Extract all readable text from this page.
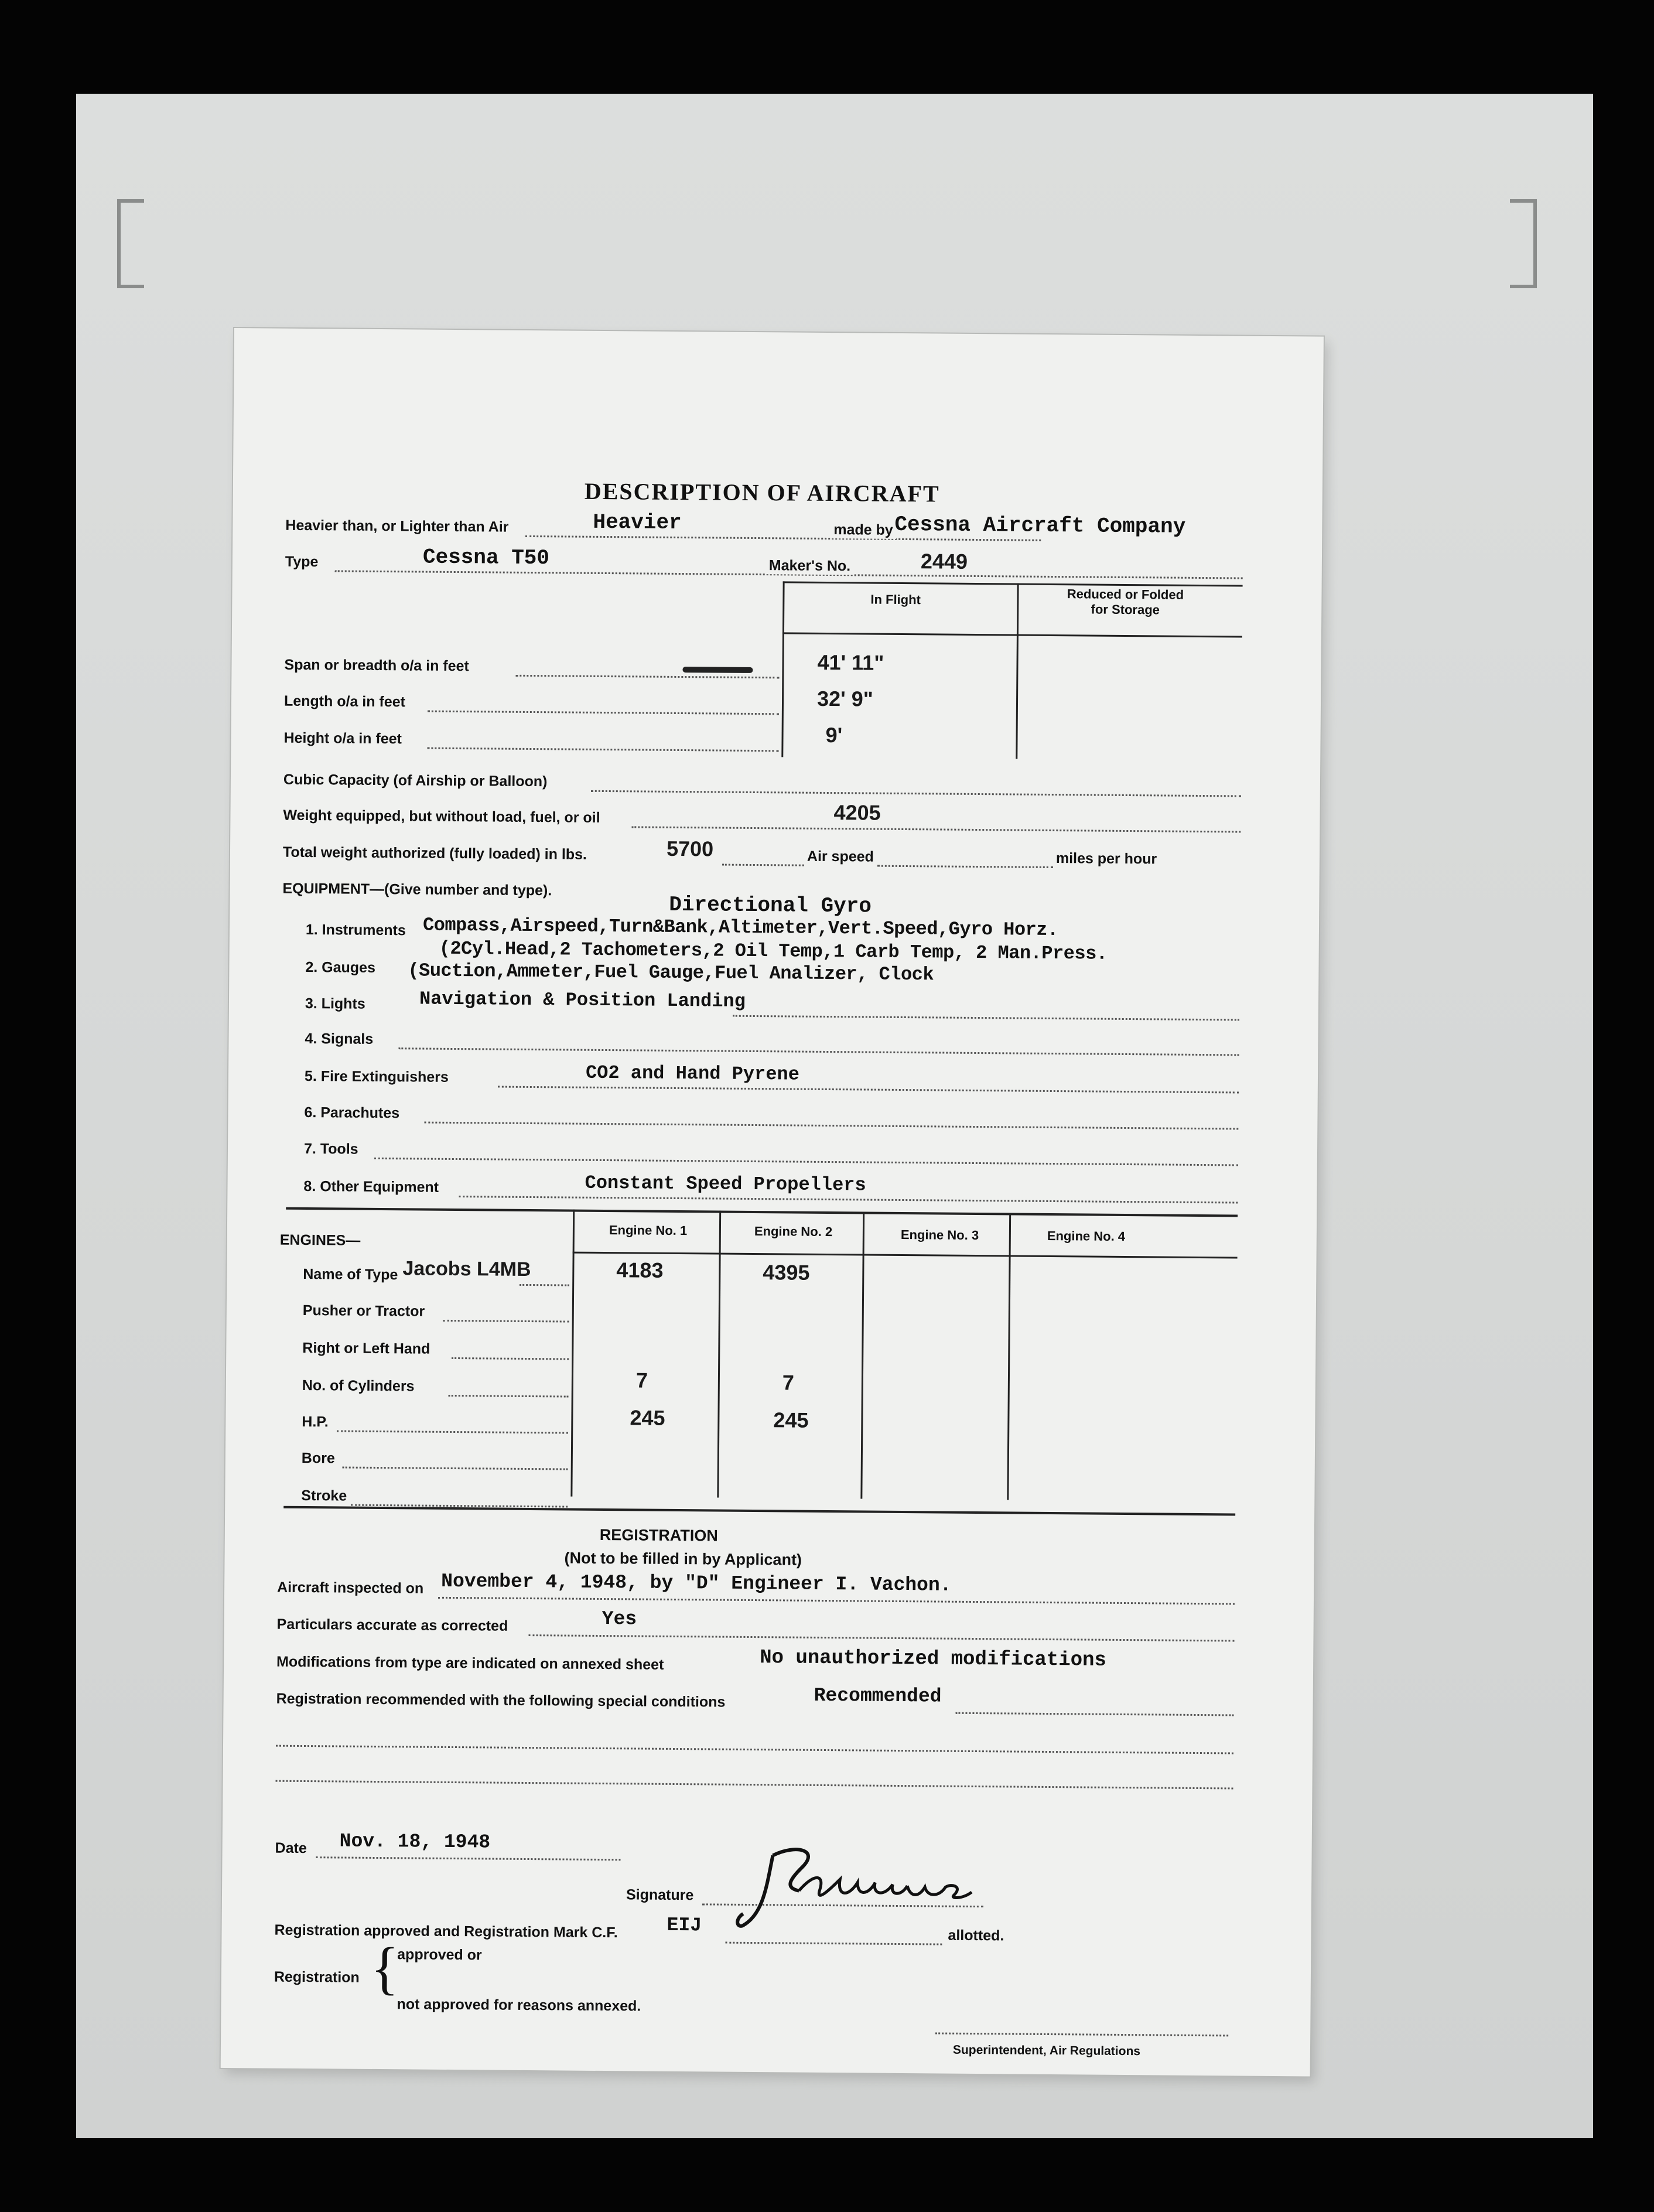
DESCRIPTION OF AIRCRAFT
Heavier than, or Lighter than Air	Heavier	made by Cessna Aircraft Company
Type	Cessna T50	Maker's No.	2449
In Flight	Reduced or Folded for Storage
Span or breadth o/a in feet	41' 11"
Length o/a in feet	32' 9"
Height o/a in feet	9'
Cubic Capacity (of Airship or Balloon)
Weight equipped, but without load, fuel, or oil	4205
Total weight authorized (fully loaded) in lbs.	5700	Air speed	miles per hour
EQUIPMENT—(Give number and type).
Directional Gyro
1. Instruments Compass,Airspeed,Turn&Bank,Altimeter,Vert.Speed,Gyro Horz.
(2Cyl.Head,2 Tachometers,2 Oil Temp,1 Carb Temp, 2 Man.Press.
2. Gauges (Suction,Ammeter,Fuel Gauge,Fuel Analizer, Clock
3. Lights	Navigation & Position Landing
4. Signals
5. Fire Extinguishers	CO2 and Hand Pyrene
6. Parachutes
7. Tools
8. Other Equipment	Constant Speed Propellers
ENGINES—
Engine No. 1	Engine No. 2	Engine No. 3	Engine No. 4
Name of Type Jacobs L4MB	4183	4395
Pusher or Tractor
Right or Left Hand
No. of Cylinders	7	7
H.P.	245	245
Bore
Stroke
REGISTRATION
(Not to be filled in by Applicant)
Aircraft inspected on November 4, 1948, by "D" Engineer I. Vachon.
Particulars accurate as corrected	Yes
Modifications from type are indicated on annexed sheet	No unauthorized modifications
Registration recommended with the following special conditions	Recommended
Date Nov. 18, 1948
Signature
Registration approved and Registration Mark C.F.	EIJ	allotted.
Registration {
approved or
not approved for reasons annexed.
Superintendent, Air Regulations
